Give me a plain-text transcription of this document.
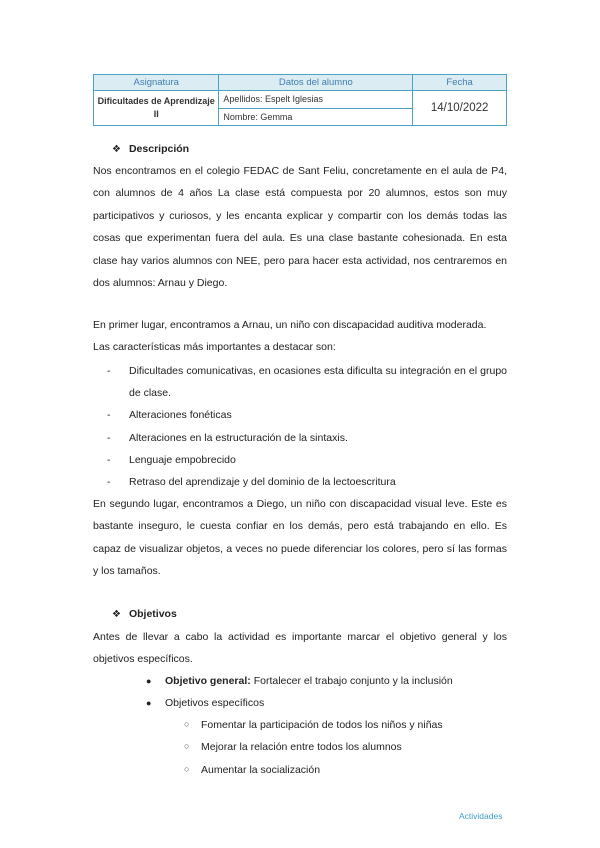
Asignatura	Datos del alumno	Fecha
Dificultades de Aprendizaje II	Apellidos: Espelt Iglesias	14/10/2022
	Nombre: Gemma	
❖ Descripción
Nos encontramos en el colegio FEDAC de Sant Feliu, concretamente en el aula de P4, con alumnos de 4 años La clase está compuesta por 20 alumnos, estos son muy participativos y curiosos, y les encanta explicar y compartir con los demás todas las cosas que experimentan fuera del aula. Es una clase bastante cohesionada. En esta clase hay varios alumnos con NEE, pero para hacer esta actividad, nos centraremos en dos alumnos: Arnau y Diego.
En primer lugar, encontramos a Arnau, un niño con discapacidad auditiva moderada.
Las características más importantes a destacar son:
- Dificultades comunicativas, en ocasiones esta dificulta su integración en el grupo de clase.
- Alteraciones fonéticas
- Alteraciones en la estructuración de la sintaxis.
- Lenguaje empobrecido
- Retraso del aprendizaje y del dominio de la lectoescritura
En segundo lugar, encontramos a Diego, un niño con discapacidad visual leve. Este es bastante inseguro, le cuesta confiar en los demás, pero está trabajando en ello. Es capaz de visualizar objetos, a veces no puede diferenciar los colores, pero sí las formas y los tamaños.
❖ Objetivos
Antes de llevar a cabo la actividad es importante marcar el objetivo general y los objetivos específicos.
● Objetivo general: Fortalecer el trabajo conjunto y la inclusión
● Objetivos específicos
○ Fomentar la participación de todos los niños y niñas
○ Mejorar la relación entre todos los alumnos
○ Aumentar la socialización
Actividades
